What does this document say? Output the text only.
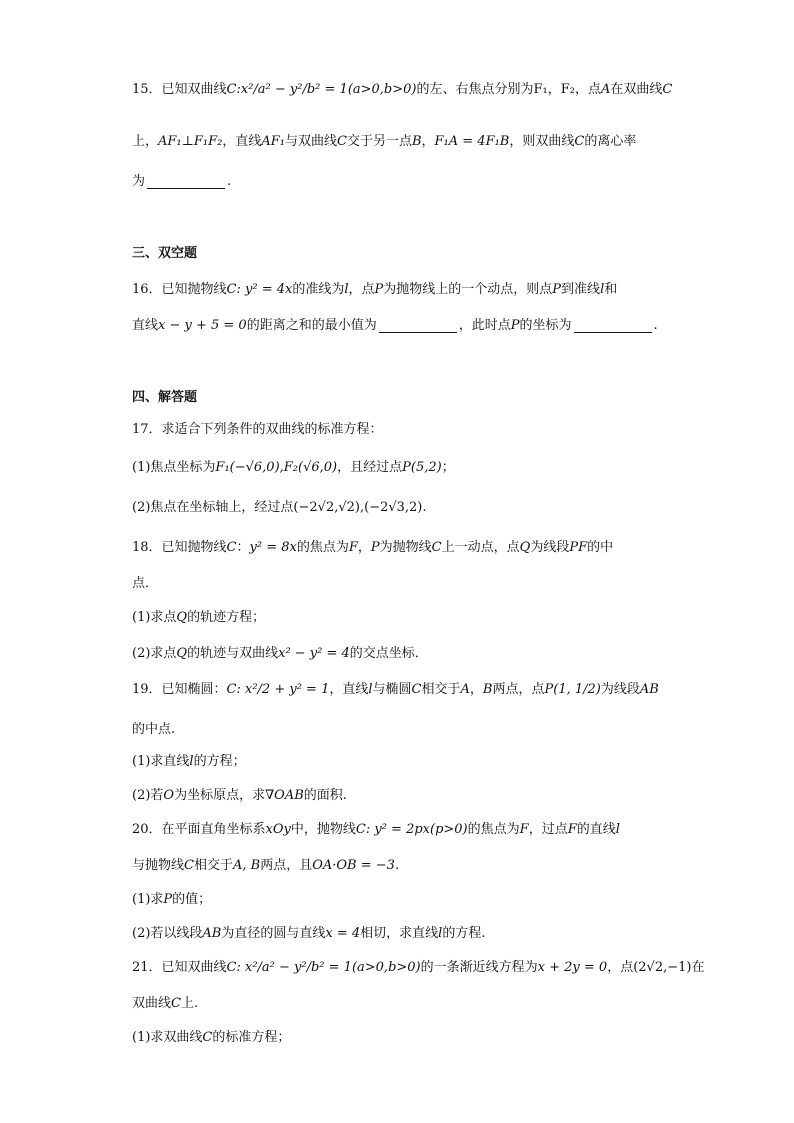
15．已知双曲线C:x²/a² − y²/b² = 1(a>0,b>0)的左、右焦点分别为F₁，F₂，点A在双曲线C
上，AF₁⊥F₁F₂，直线AF₁与双曲线C交于另一点B，F₁A = 4F₁B，则双曲线C的离心率
为	.
三、双空题
16．已知抛物线C: y² = 4x的准线为l，点P为抛物线上的一个动点，则点P到准线l和
直线x − y + 5 = 0的距离之和的最小值为	，此时点P的坐标为	.
四、解答题
17．求适合下列条件的双曲线的标准方程：
(1)焦点坐标为F₁(−√6,0),F₂(√6,0)，且经过点P(5,2)；
(2)焦点在坐标轴上，经过点(−2√2,√2),(−2√3,2).
18．已知抛物线C：y² = 8x的焦点为F，P为抛物线C上一动点，点Q为线段PF的中
点．
(1)求点Q的轨迹方程；
(2)求点Q的轨迹与双曲线x² − y² = 4的交点坐标．
19．已知椭圆：C: x²/2 + y² = 1，直线l与椭圆C相交于A，B两点，点P(1, 1/2)为线段AB
的中点.
(1)求直线l的方程；
(2)若O为坐标原点，求∇OAB的面积.
20．在平面直角坐标系xOy中，抛物线C: y² = 2px(p>0)的焦点为F，过点F的直线l
与抛物线C相交于A, B两点，且OA·OB = −3.
(1)求P的值；
(2)若以线段AB为直径的圆与直线x = 4相切，求直线l的方程.
21．已知双曲线C: x²/a² − y²/b² = 1(a>0,b>0)的一条渐近线方程为x + 2y = 0，点(2√2,−1)在
双曲线C上.
(1)求双曲线C的标准方程；
